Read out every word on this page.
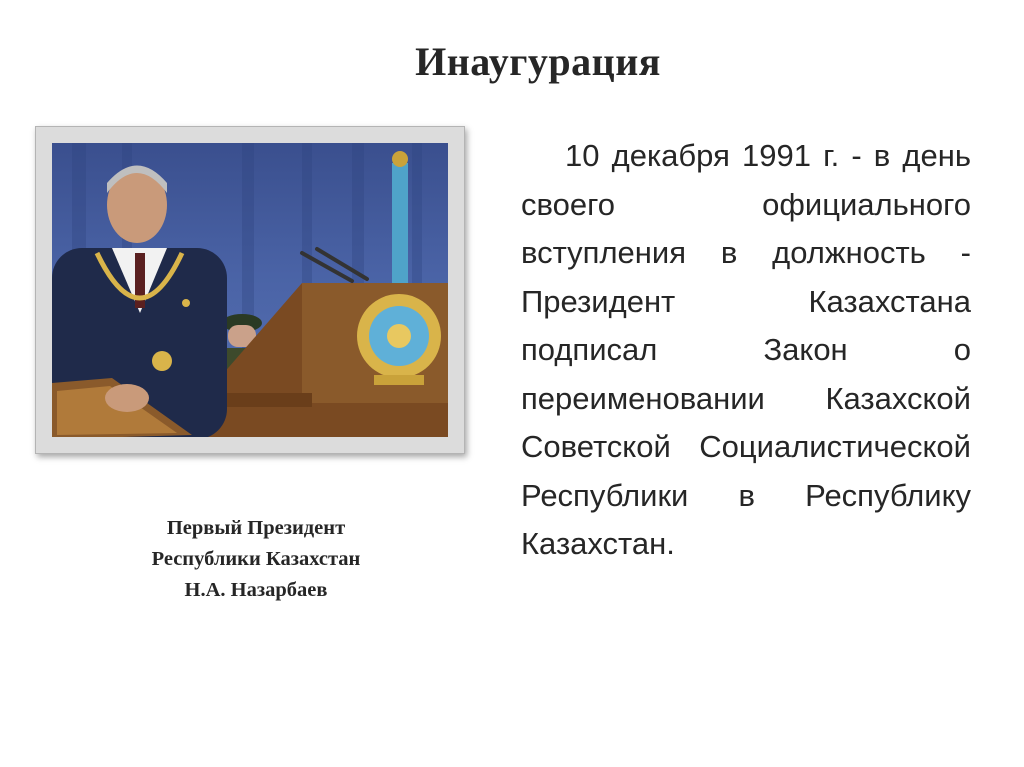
Инаугурация
Первый Президент
Республики Казахстан
Н.А. Назарбаев
10 декабря 1991 г. - в день своего официального вступления в должность - Президент Казахстана подписал Закон о переименовании Казахской Советской Социалистической Республики в Республику Казахстан.
